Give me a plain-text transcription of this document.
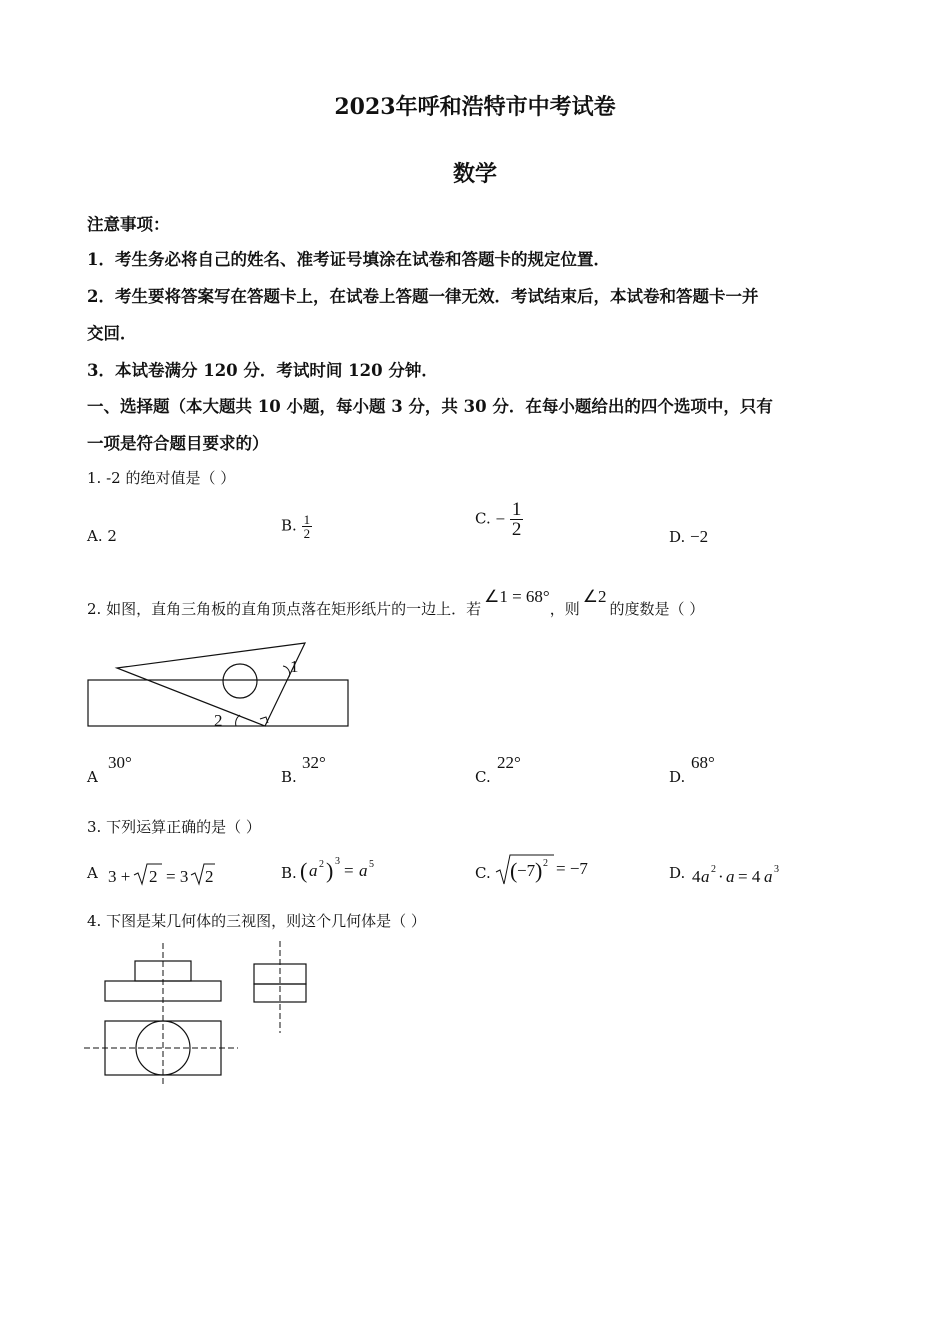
2023年呼和浩特市中考试卷
数学
注意事项：
1．考生务必将自己的姓名、准考证号填涂在试卷和答题卡的规定位置．
2．考生要将答案写在答题卡上，在试卷上答题一律无效．考试结束后，本试卷和答题卡一并
交回．
3．本试卷满分 120 分．考试时间 120 分钟．
一、选择题（本大题共 10 小题，每小题 3 分，共 30 分．在每小题给出的四个选项中，只有
一项是符合题目要求的）
1. -2 的绝对值是（ ）
A. 2
B. $\frac{1}{2}$	C. − $\frac{1}{2}$	D. −2
2. 如图，直角三角板的直角顶点落在矩形纸片的一边上．若∠1 = 68°，则∠2的度数是（ ）
1
2
A
30°
B.
32°
C.
22°
D.
68°
3. 下列运算正确的是（ ）
A 3 + 2 = 3 2	B. ( a 2 ) 3 = a 5	C. ( −7 ) 2 = −7	D. 4 a 2 · a = 4 a 3
4. 下图是某几何体的三视图，则这个几何体是（ ）
